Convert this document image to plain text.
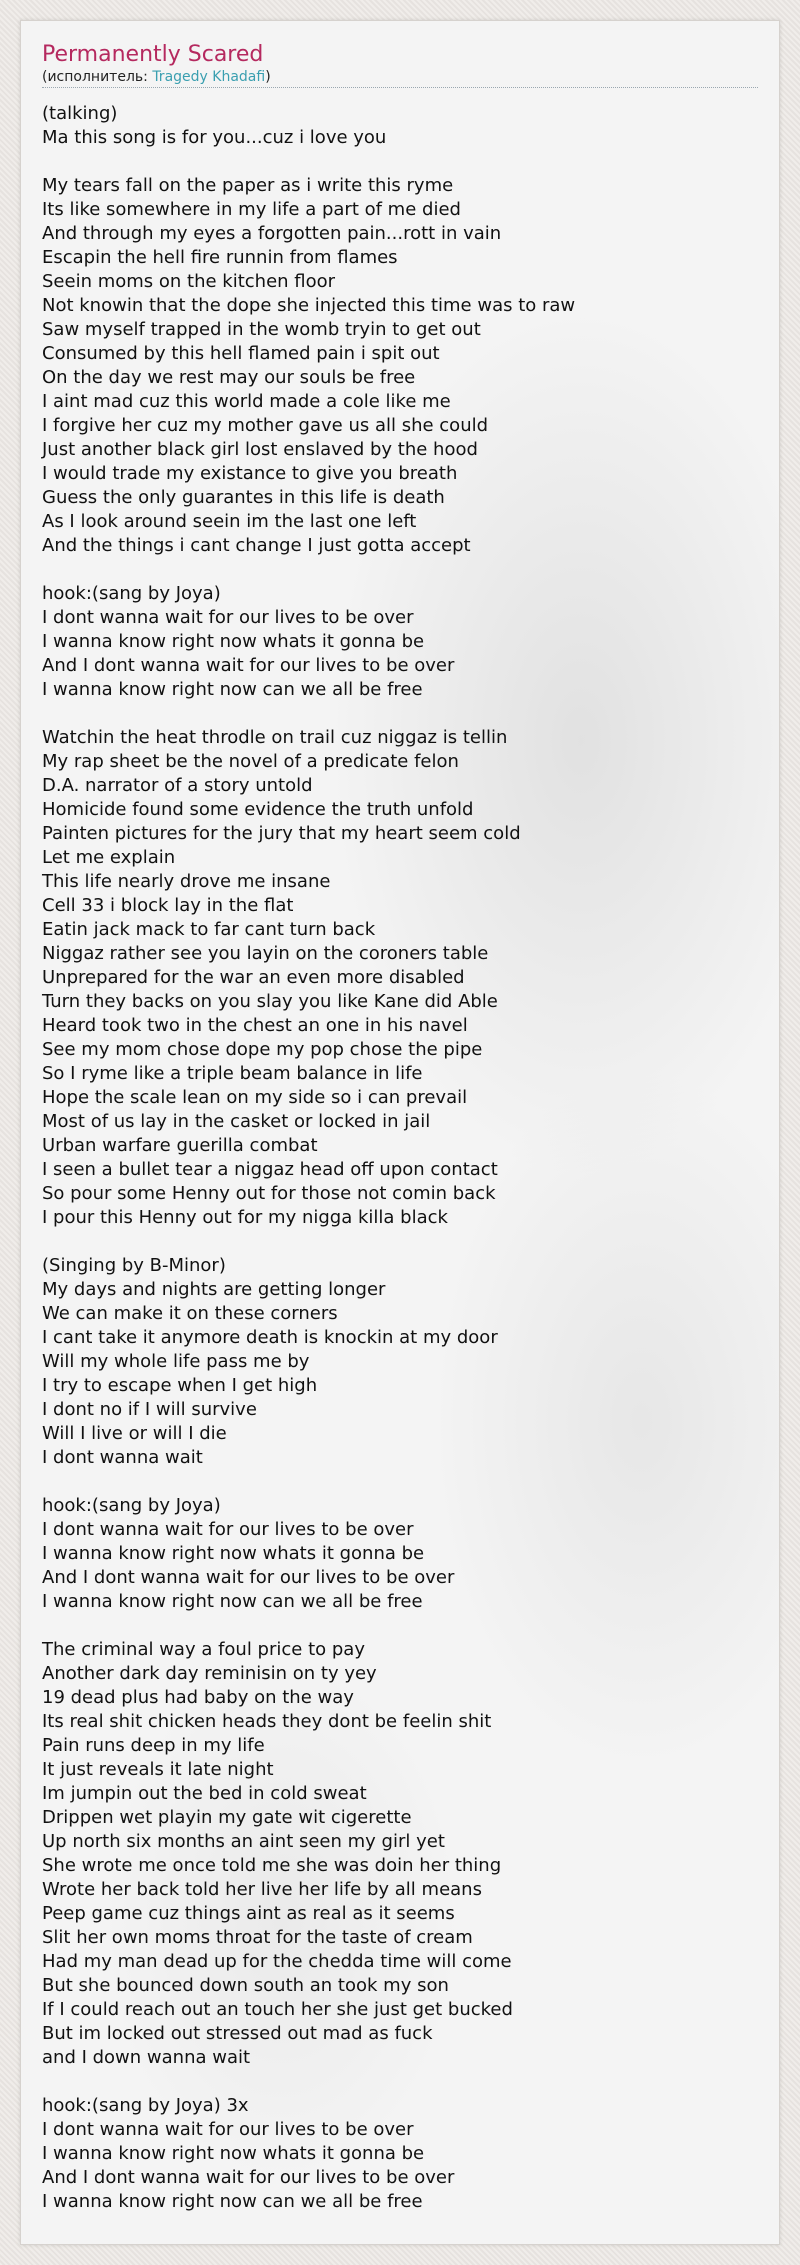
Permanently Scared
(исполнитель: Tragedy Khadafi)
(talking)
Ma this song is for you...cuz i love you
My tears fall on the paper as i write this ryme
Its like somewhere in my life a part of me died
And through my eyes a forgotten pain...rott in vain
Escapin the hell fire runnin from flames
Seein moms on the kitchen floor
Not knowin that the dope she injected this time was to raw
Saw myself trapped in the womb tryin to get out
Consumed by this hell flamed pain i spit out
On the day we rest may our souls be free
I aint mad cuz this world made a cole like me
I forgive her cuz my mother gave us all she could
Just another black girl lost enslaved by the hood
I would trade my existance to give you breath
Guess the only guarantes in this life is death
As I look around seein im the last one left
And the things i cant change I just gotta accept
hook:(sang by Joya)
I dont wanna wait for our lives to be over
I wanna know right now whats it gonna be
And I dont wanna wait for our lives to be over
I wanna know right now can we all be free
Watchin the heat throdle on trail cuz niggaz is tellin
My rap sheet be the novel of a predicate felon
D.A. narrator of a story untold
Homicide found some evidence the truth unfold
Painten pictures for the jury that my heart seem cold
Let me explain
This life nearly drove me insane
Cell 33 i block lay in the flat
Eatin jack mack to far cant turn back
Niggaz rather see you layin on the coroners table
Unprepared for the war an even more disabled
Turn they backs on you slay you like Kane did Able
Heard took two in the chest an one in his navel
See my mom chose dope my pop chose the pipe
So I ryme like a triple beam balance in life
Hope the scale lean on my side so i can prevail
Most of us lay in the casket or locked in jail
Urban warfare guerilla combat
I seen a bullet tear a niggaz head off upon contact
So pour some Henny out for those not comin back
I pour this Henny out for my nigga killa black
(Singing by B-Minor)
My days and nights are getting longer
We can make it on these corners
I cant take it anymore death is knockin at my door
Will my whole life pass me by
I try to escape when I get high
I dont no if I will survive
Will I live or will I die
I dont wanna wait
hook:(sang by Joya)
I dont wanna wait for our lives to be over
I wanna know right now whats it gonna be
And I dont wanna wait for our lives to be over
I wanna know right now can we all be free
The criminal way a foul price to pay
Another dark day reminisin on ty yey
19 dead plus had baby on the way
Its real shit chicken heads they dont be feelin shit
Pain runs deep in my life
It just reveals it late night
Im jumpin out the bed in cold sweat
Drippen wet playin my gate wit cigerette
Up north six months an aint seen my girl yet
She wrote me once told me she was doin her thing
Wrote her back told her live her life by all means
Peep game cuz things aint as real as it seems
Slit her own moms throat for the taste of cream
Had my man dead up for the chedda time will come
But she bounced down south an took my son
If I could reach out an touch her she just get bucked
But im locked out stressed out mad as fuck
and I down wanna wait
hook:(sang by Joya) 3x
I dont wanna wait for our lives to be over
I wanna know right now whats it gonna be
And I dont wanna wait for our lives to be over
I wanna know right now can we all be free
